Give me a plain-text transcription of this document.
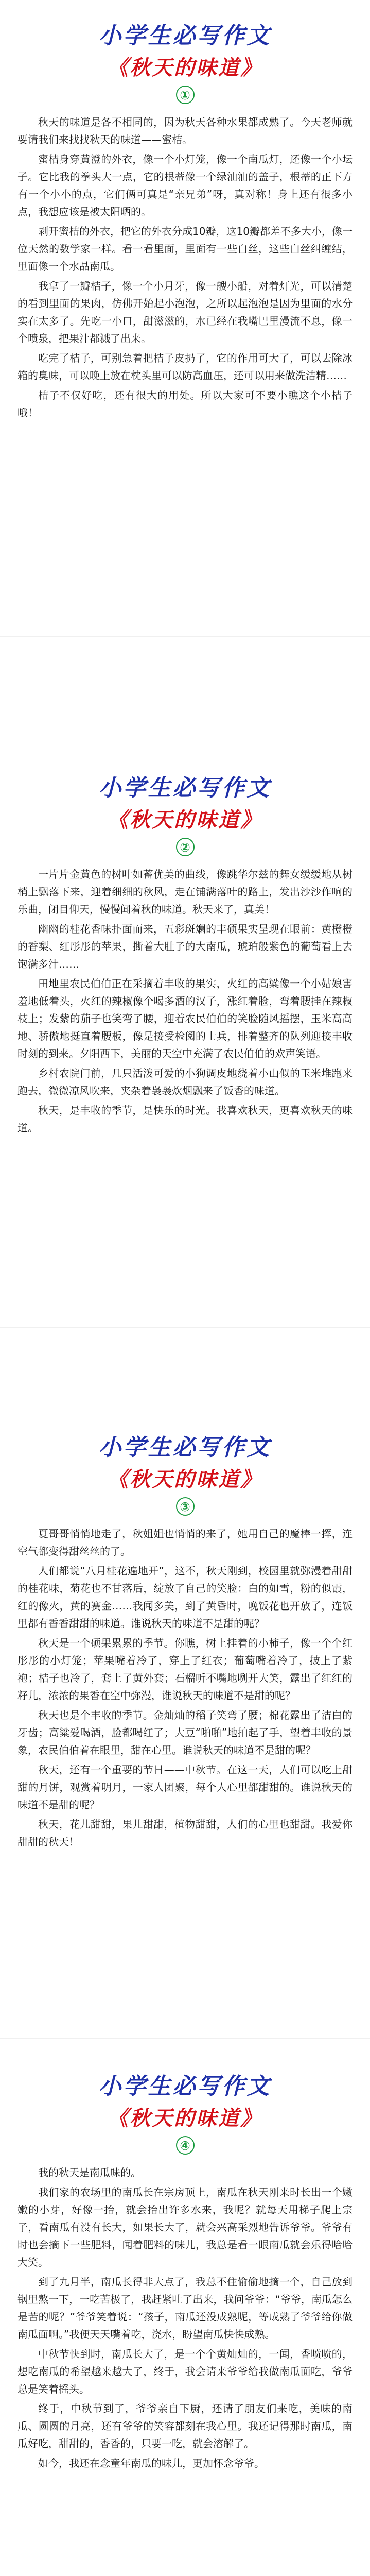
小学生必写作文
《秋天的味道》
①

秋天的味道是各不相同的，因为秋天各种水果都成熟了。今天老师就要请我们来找找秋天的味道——蜜桔。

蜜桔身穿黄澄的外衣，像一个小灯笼，像一个南瓜灯，还像一个小坛子。它比我的拳头大一点，它的根蒂像一个绿油油的盖子，根蒂的正下方有一个小小的点，它们俩可真是“亲兄弟”呀，真对称！身上还有很多小点，我想应该是被太阳晒的。

剥开蜜桔的外衣，把它的外衣分成10瓣，这10瓣都差不多大小，像一位天然的数学家一样。看一看里面，里面有一些白丝，这些白丝纠缠结，里面像一个水晶南瓜。

我拿了一瓣桔子，像一个小月牙，像一艘小船，对着灯光，可以清楚的看到里面的果肉，仿佛开始起小泡泡，之所以起泡泡是因为里面的水分实在太多了。先吃一小口，甜滋滋的，水已经在我嘴巴里漫流不息，像一个喷泉，把果汁都溅了出来。

吃完了桔子，可别急着把桔子皮扔了，它的作用可大了，可以去除冰箱的臭味，可以晚上放在枕头里可以防高血压，还可以用来做洗洁精……

桔子不仅好吃，还有很大的用处。所以大家可不要小瞧这个小桔子哦！

小学生必写作文
《秋天的味道》
②

一片片金黄色的树叶如蓄优美的曲线，像跳华尔兹的舞女缓缓地从树梢上飘落下来，迎着细细的秋风，走在铺满落叶的路上，发出沙沙作响的乐曲，闭目仰天，慢慢闻着秋的味道。秋天来了，真美！

幽幽的桂花香味扑面而来，五彩斑斓的丰硕果实呈现在眼前：黄橙橙的香梨、红彤彤的苹果，撕着大肚子的大南瓜，琥珀般紫色的葡萄看上去饱满多汁……

田地里农民伯伯正在采摘着丰收的果实，火红的高粱像一个小姑娘害羞地低着头，火红的辣椒像个喝多酒的汉子，涨红着脸，弯着腰挂在辣椒枝上；发紫的茄子也笑弯了腰，迎着农民伯伯的笑脸随风摇摆，玉米高高地、骄傲地挺直着腰板，像是接受检阅的士兵，排着整齐的队列迎接丰收时刻的到来。夕阳西下，美丽的天空中充满了农民伯伯的欢声笑语。

乡村农院门前，几只活泼可爱的小狗调皮地绕着小山似的玉米堆跑来跑去，微微凉风吹来，夹杂着袅袅炊烟飘来了饭香的味道。

秋天，是丰收的季节，是快乐的时光。我喜欢秋天，更喜欢秋天的味道。

小学生必写作文
《秋天的味道》
③

夏哥哥悄悄地走了，秋姐姐也悄悄的来了，她用自己的魔棒一挥，连空气都变得甜丝丝的了。

人们都说“八月桂花遍地开”，这不，秋天刚到，校园里就弥漫着甜甜的桂花味，菊花也不甘落后，绽放了自己的笑脸：白的如雪，粉的似霞，红的像火，黄的赛金……我闻多美，到了黄昏时，晚饭花也开放了，连饭里都有香香甜甜的味道。谁说秋天的味道不是甜的呢？

秋天是一个硕果累累的季节。你瞧，树上挂着的小柿子，像一个个红彤彤的小灯笼；苹果嘴着冷了，穿上了红衣；葡萄嘴着冷了，披上了紫袍；桔子也冷了，套上了黄外套；石榴听不嘴地咧开大笑，露出了红红的籽儿，浓浓的果香在空中弥漫，谁说秋天的味道不是甜的呢？

秋天也是个丰收的季节。金灿灿的稻子笑弯了腰；棉花露出了洁白的牙齿；高粱爱喝酒，脸都喝红了；大豆“啪啪”地拍起了手，望着丰收的景象，农民伯伯着在眼里，甜在心里。谁说秋天的味道不是甜的呢？

秋天，还有一个重要的节日——中秋节。在这一天，人们可以吃上甜甜的月饼，观赏着明月，一家人团聚，每个人心里都甜甜的。谁说秋天的味道不是甜的呢？

秋天，花儿甜甜，果儿甜甜，植物甜甜，人们的心里也甜甜。我爱你甜甜的秋天！

小学生必写作文
《秋天的味道》
④

我的秋天是南瓜味的。

我们家的农场里的南瓜长在宗房顶上，南瓜在秋天刚来时长出一个嫩嫩的小芽，好像一抬，就会抬出许多水来，我呢？就每天用梯子爬上宗子，看南瓜有没有长大，如果长大了，就会兴高采烈地告诉爷爷。爷爷有时也会摘下一些肥料，闻着肥料的味儿，我总是看一眼南瓜就会乐得哈哈大笑。

到了九月半，南瓜长得非大点了，我总不住偷偷地摘一个，自己放到锅里熬一下，一吃苦极了，我赶紧吐了出来，我问爷爷：“爷爷，南瓜怎么是苦的呢？”爷爷笑着说：“孩子，南瓜还没成熟呢，等成熟了爷爷给你做南瓜面啊。”我便天天嘴着吃，浇水，盼望南瓜快快成熟。

中秋节快到时，南瓜长大了，是一个个黄灿灿的，一闻，香喷喷的，想吃南瓜的希望越来越大了，终于，我会请来爷爷给我做南瓜面吃，爷爷总是笑着摇头。

终于，中秋节到了，爷爷亲自下厨，还请了朋友们来吃，美味的南瓜、圆圆的月亮，还有爷爷的笑容都刻在我心里。我还记得那时南瓜，南瓜好吃，甜甜的，香香的，只要一吃，就会溶解了。

如今，我还在念童年南瓜的味儿，更加怀念爷爷。
